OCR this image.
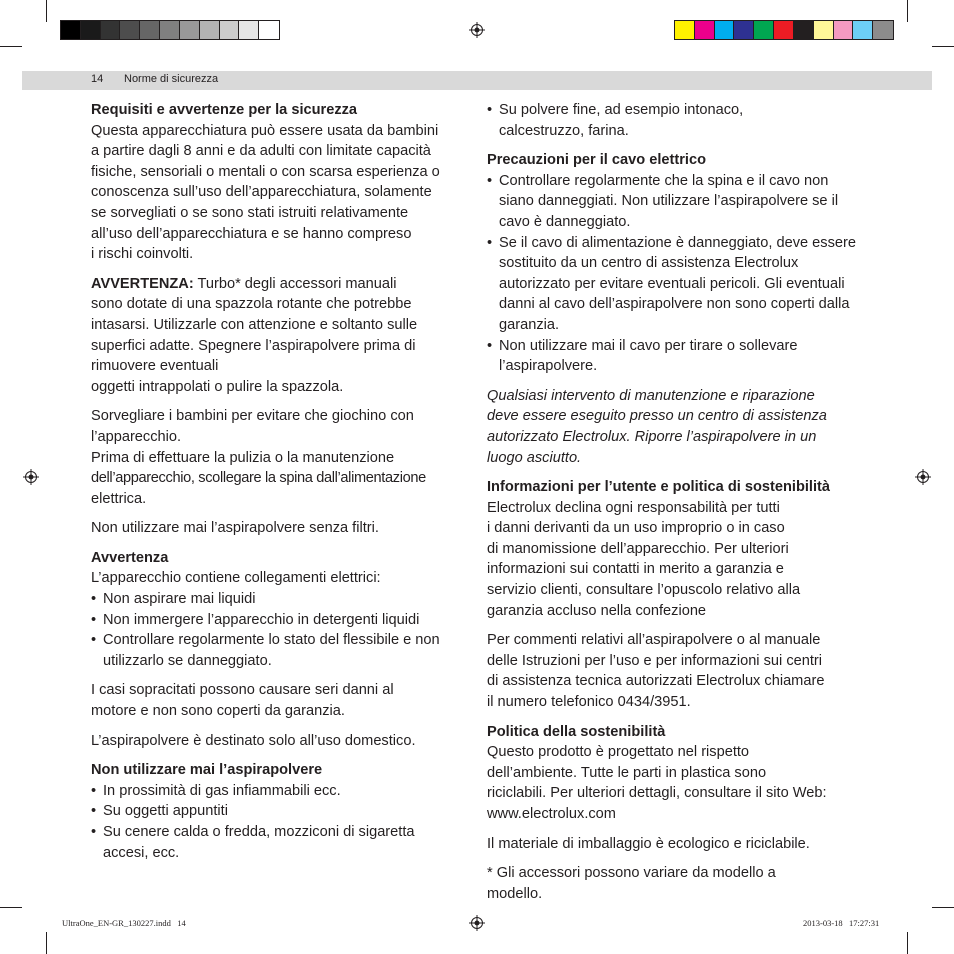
14 Norme di sicurezza

Requisiti e avvertenze per la sicurezza

Questa apparecchiatura può essere usata da bambini

a partire dagli 8 anni e da adulti con limitate capacità

fisiche, sensoriali o mentali o con scarsa esperienza o

conoscenza sull’uso dell’apparecchiatura, solamente

se sorvegliati o se sono stati istruiti relativamente

all’uso dell’apparecchiatura e se hanno compreso

i rischi coinvolti.

AVVERTENZA: Turbo* degli accessori manuali

sono dotate di una spazzola rotante che potrebbe

intasarsi. Utilizzarle con attenzione e soltanto sulle

superfici adatte. Spegnere l’aspirapolvere prima di

rimuovere eventuali

oggetti intrappolati o pulire la spazzola.

Sorvegliare i bambini per evitare che giochino con

l’apparecchio.

Prima di effettuare la pulizia o la manutenzione

dell’apparecchio, scollegare la spina dall’alimentazione

elettrica.

Non utilizzare mai l’aspirapolvere senza filtri.

Avvertenza

L’apparecchio contiene collegamenti elettrici:

• Non aspirare mai liquidi
• Non immergere l’apparecchio in detergenti liquidi
• Controllare regolarmente lo stato del flessibile e non utilizzarlo se danneggiato.

I casi sopracitati possono causare seri danni al

motore e non sono coperti da garanzia.

L’aspirapolvere è destinato solo all’uso domestico.

Non utilizzare mai l’aspirapolvere

• In prossimità di gas infiammabili ecc.
• Su oggetti appuntiti
• Su cenere calda o fredda, mozziconi di sigaretta accesi, ecc.
• Su polvere fine, ad esempio intonaco, calcestruzzo, farina.

Precauzioni per il cavo elettrico

• Controllare regolarmente che la spina e il cavo non siano danneggiati. Non utilizzare l’aspirapolvere se il cavo è danneggiato.
• Se il cavo di alimentazione è danneggiato, deve essere sostituito da un centro di assistenza Electrolux autorizzato per evitare eventuali pericoli. Gli eventuali danni al cavo dell’aspirapolvere non sono coperti dalla garanzia.
• Non utilizzare mai il cavo per tirare o sollevare l’aspirapolvere.

Qualsiasi intervento di manutenzione e riparazione

deve essere eseguito presso un centro di assistenza

autorizzato Electrolux. Riporre l’aspirapolvere in un

luogo asciutto.

Informazioni per l’utente e politica di sostenibilità

Electrolux declina ogni responsabilità per tutti

i danni derivanti da un uso improprio o in caso

di manomissione dell’apparecchio. Per ulteriori

informazioni sui contatti in merito a garanzia e

servizio clienti, consultare l’opuscolo relativo alla

garanzia accluso nella confezione

Per commenti relativi all’aspirapolvere o al manuale

delle Istruzioni per l’uso e per informazioni sui centri

di assistenza tecnica autorizzati Electrolux chiamare

il numero telefonico 0434/3951.

Politica della sostenibilità

Questo prodotto è progettato nel rispetto

dell’ambiente. Tutte le parti in plastica sono

riciclabili. Per ulteriori dettagli, consultare il sito Web:

www.electrolux.com

Il materiale di imballaggio è ecologico e riciclabile.

* Gli accessori possono variare da modello a

modello.

UltraOne_EN-GR_130227.indd   14	2013-03-18   17:27:31
